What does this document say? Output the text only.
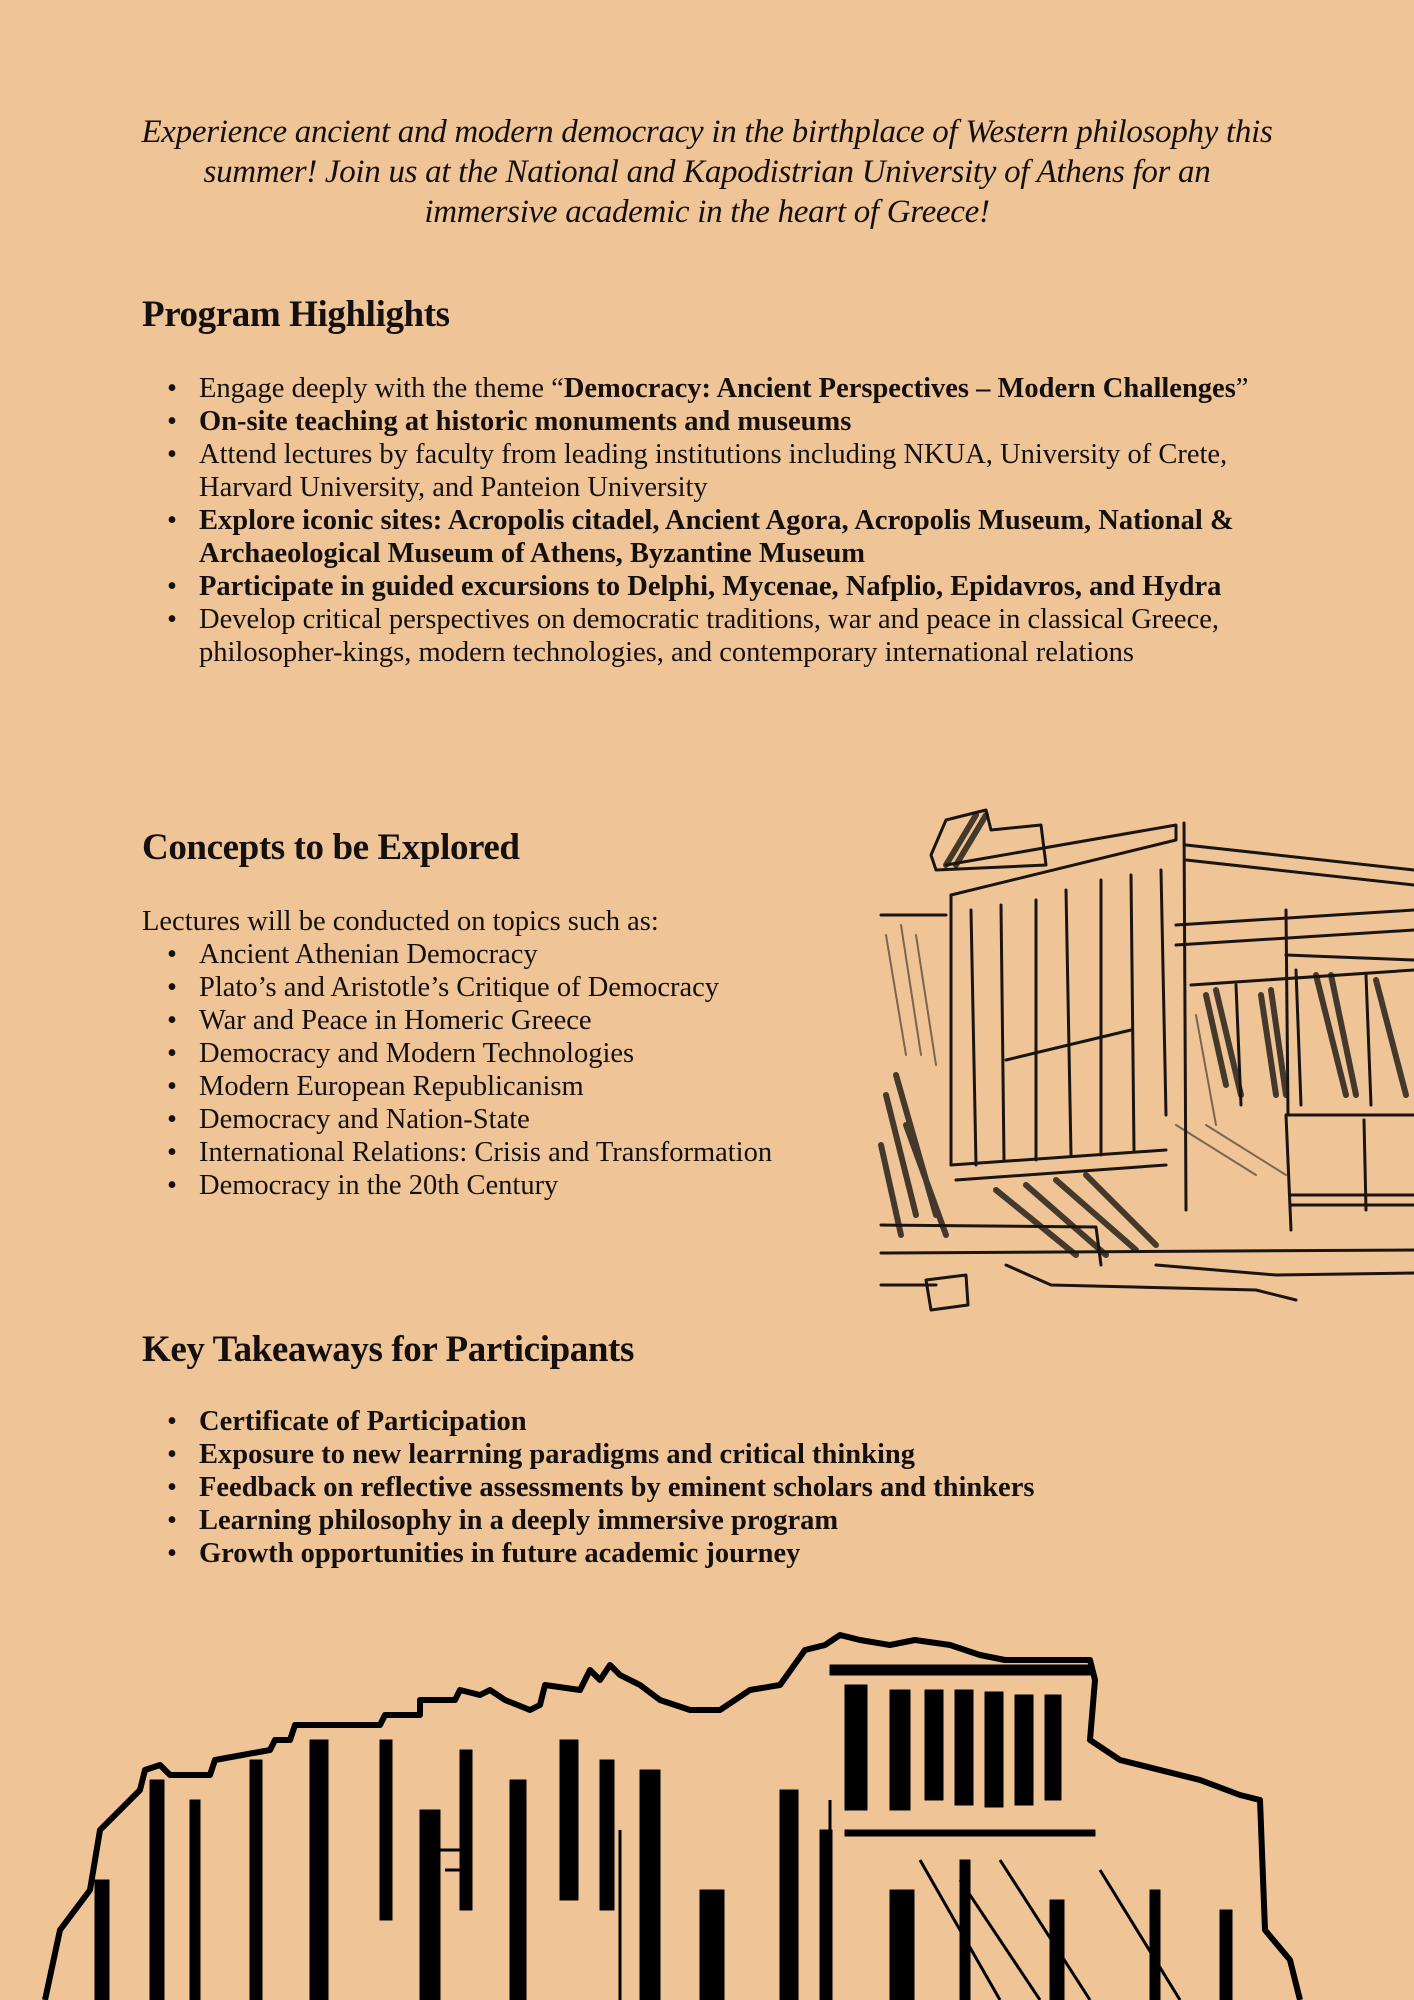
Experience ancient and modern democracy in the birthplace of Western philosophy this summer! Join us at the National and Kapodistrian University of Athens for an immersive academic in the heart of Greece!
Program Highlights
• Engage deeply with the theme “Democracy: Ancient Perspectives – Modern Challenges”
• On-site teaching at historic monuments and museums
• Attend lectures by faculty from leading institutions including NKUA, University of Crete, Harvard University, and Panteion University
• Explore iconic sites: Acropolis citadel, Ancient Agora, Acropolis Museum, National & Archaeological Museum of Athens, Byzantine Museum
• Participate in guided excursions to Delphi, Mycenae, Nafplio, Epidavros, and Hydra
• Develop critical perspectives on democratic traditions, war and peace in classical Greece, philosopher-kings, modern technologies, and contemporary international relations
Concepts to be Explored
Lectures will be conducted on topics such as:
• Ancient Athenian Democracy
• Plato’s and Aristotle’s Critique of Democracy
• War and Peace in Homeric Greece
• Democracy and Modern Technologies
• Modern European Republicanism
• Democracy and Nation-State
• International Relations: Crisis and Transformation
• Democracy in the 20th Century
Key Takeaways for Participants
• Certificate of Participation
• Exposure to new learrning paradigms and critical thinking
• Feedback on reflective assessments by eminent scholars and thinkers
• Learning philosophy in a deeply immersive program
• Growth opportunities in future academic journey
